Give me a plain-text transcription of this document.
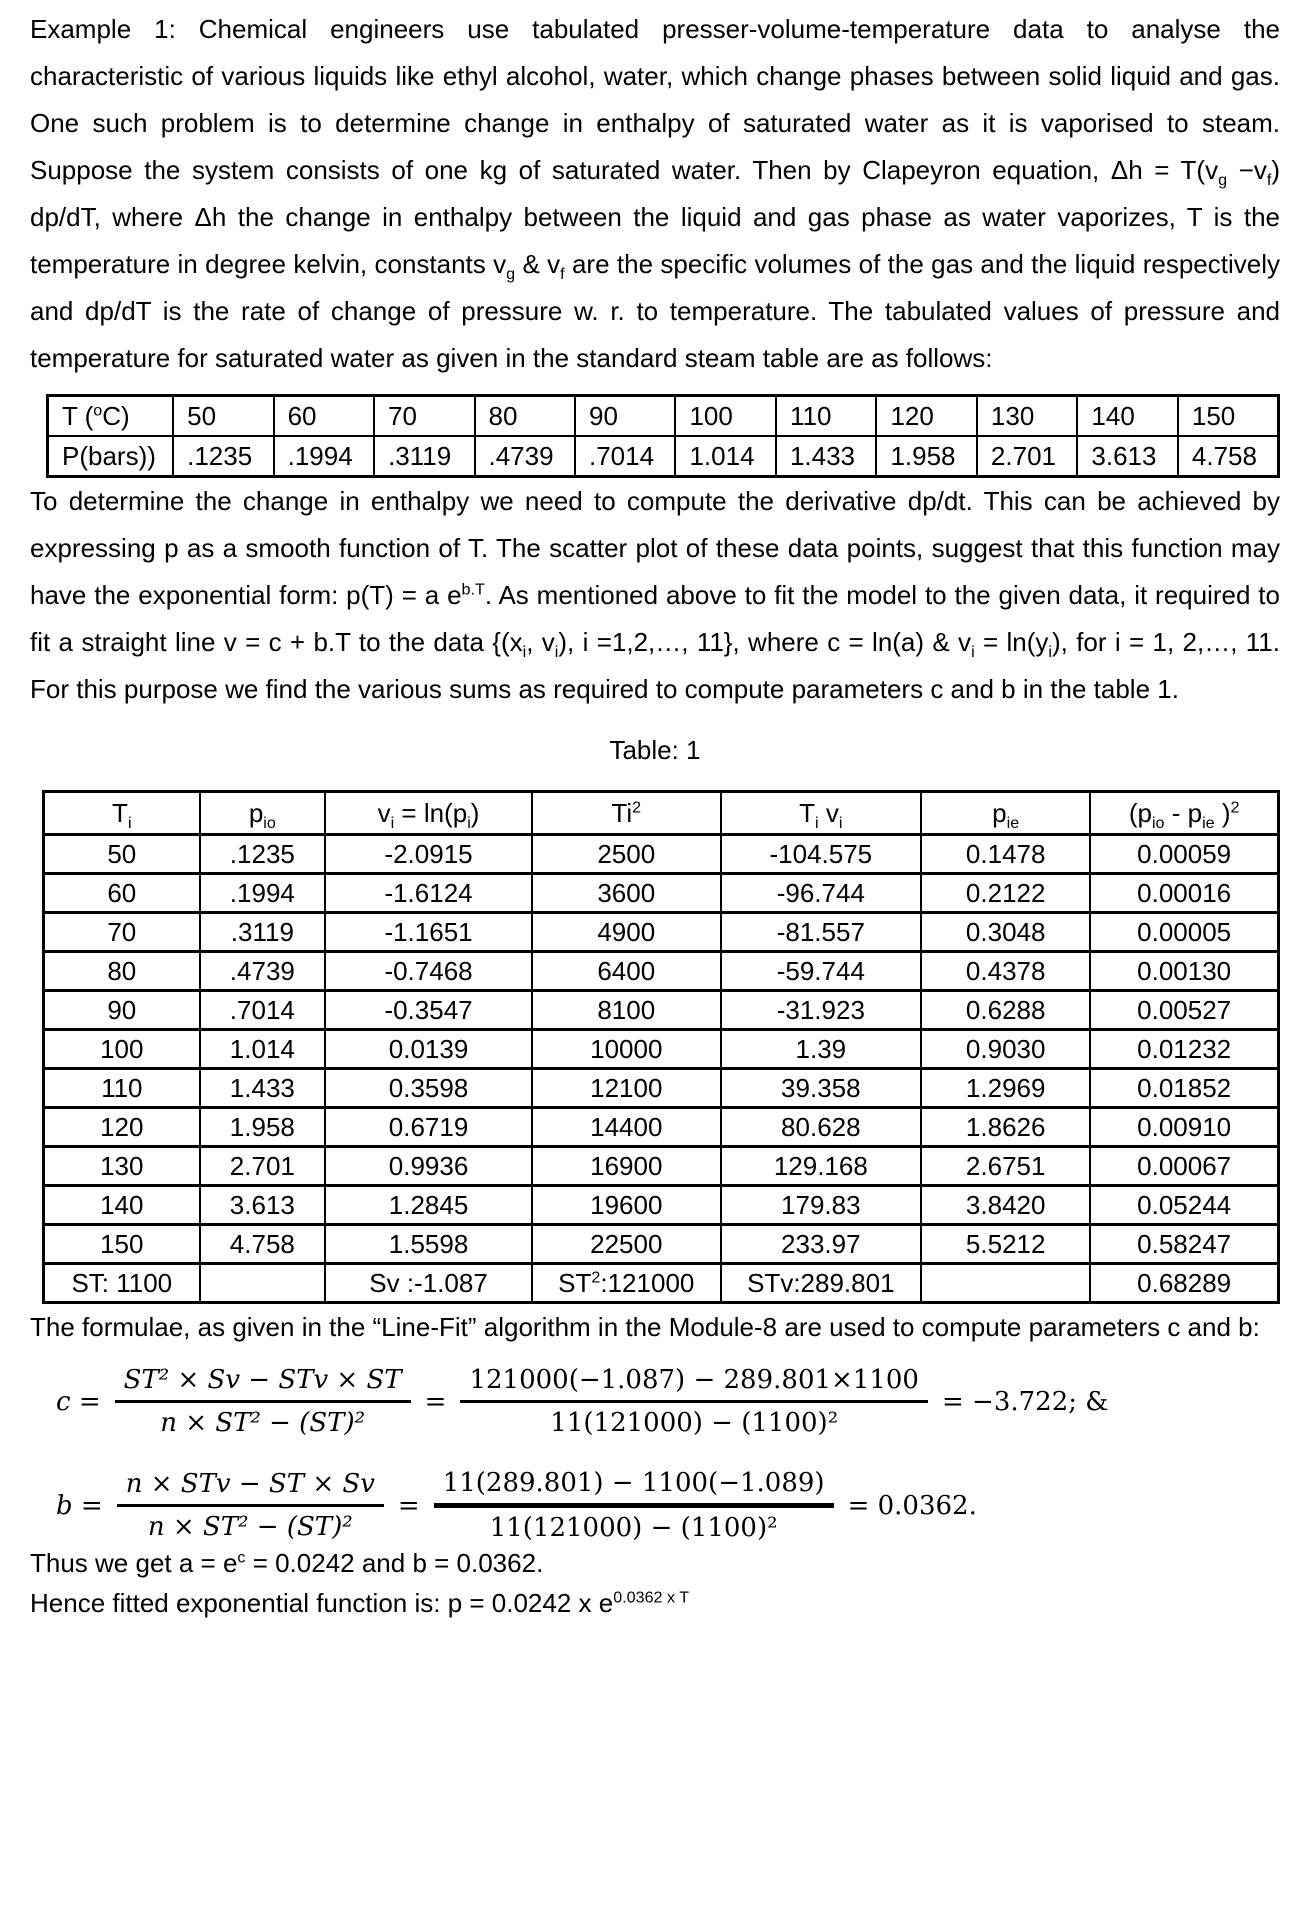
Example 1: Chemical engineers use tabulated presser-volume-temperature data to analyse the characteristic of various liquids like ethyl alcohol, water, which change phases between solid liquid and gas. One such problem is to determine change in enthalpy of saturated water as it is vaporised to steam. Suppose the system consists of one kg of saturated water. Then by Clapeyron equation, $\Delta h = T(v_g -v_f)$ dp/dT, where Δh the change in enthalpy between the liquid and gas phase as water vaporizes, T is the temperature in degree kelvin, constants $v_g$ & $v_f$ are the specific volumes of the gas and the liquid respectively and dp/dT is the rate of change of pressure w. r. to temperature. The tabulated values of pressure and temperature for saturated water as given in the standard steam table are as follows:

T ($^o$C)	50	60	70	80	90	100	110	120	130	140	150
P(bars))	.1235	.1994	.3119	.4739	.7014	1.014	1.433	1.958	2.701	3.613	4.758

To determine the change in enthalpy we need to compute the derivative dp/dt. This can be achieved by expressing p as a smooth function of T. The scatter plot of these data points, suggest that this function may have the exponential form: p(T) = a $e^{b.T}$. As mentioned above to fit the model to the given data, it required to fit a straight line v = c + b.T to the data {($x_i$, $v_i$), i =1,2,…, 11}, where c = ln(a) & $v_i = \ln(y_i)$, for i = 1, 2,…, 11. For this purpose we find the various sums as required to compute parameters c and b in the table 1.

Table: 1
$T_i$	$p_{io}$	$v_i = \ln(p_i)$	Ti$^2$	$T_i$ $v_i$	$p_{ie}$	($p_{io} - p_{ie}$ )$^2$
50	.1235	-2.0915	2500	-104.575	0.1478	0.00059
60	.1994	-1.6124	3600	-96.744	0.2122	0.00016
70	.3119	-1.1651	4900	-81.557	0.3048	0.00005
80	.4739	-0.7468	6400	-59.744	0.4378	0.00130
90	.7014	-0.3547	8100	-31.923	0.6288	0.00527
100	1.014	0.0139	10000	1.39	0.9030	0.01232
110	1.433	0.3598	12100	39.358	1.2969	0.01852
120	1.958	0.6719	14400	80.628	1.8626	0.00910
130	2.701	0.9936	16900	129.168	2.6751	0.00067
140	3.613	1.2845	19600	179.83	3.8420	0.05244
150	4.758	1.5598	22500	233.97	5.5212	0.58247
ST: 1100		Sv :-1.087	$ST^2:121000$	STv:289.801		0.68289

The formulae, as given in the “Line-Fit” algorithm in the Module-8 are used to compute parameters c and b:

$c = \frac{\text{ST² × Sv − STv × ST}}{\text{n × ST² − (ST)²}} = \frac{121000(-1.087) - 289.801\times 1100}{\text{11(121000) − (1100)²}} = -3.722$; &
$b = \frac{\text{n × STv − ST × Sv}}{\text{n × ST² − (ST)²}} = \frac{11(289.801) - 1100(-1.089)}{\text{11(121000) − (1100)²}} = 0.0362$.

Thus we get $a = e^c = 0.0242$ and b = 0.0362.

Hence fitted exponential function is: p = 0.0242 x $e^{0.0362 x T}$
